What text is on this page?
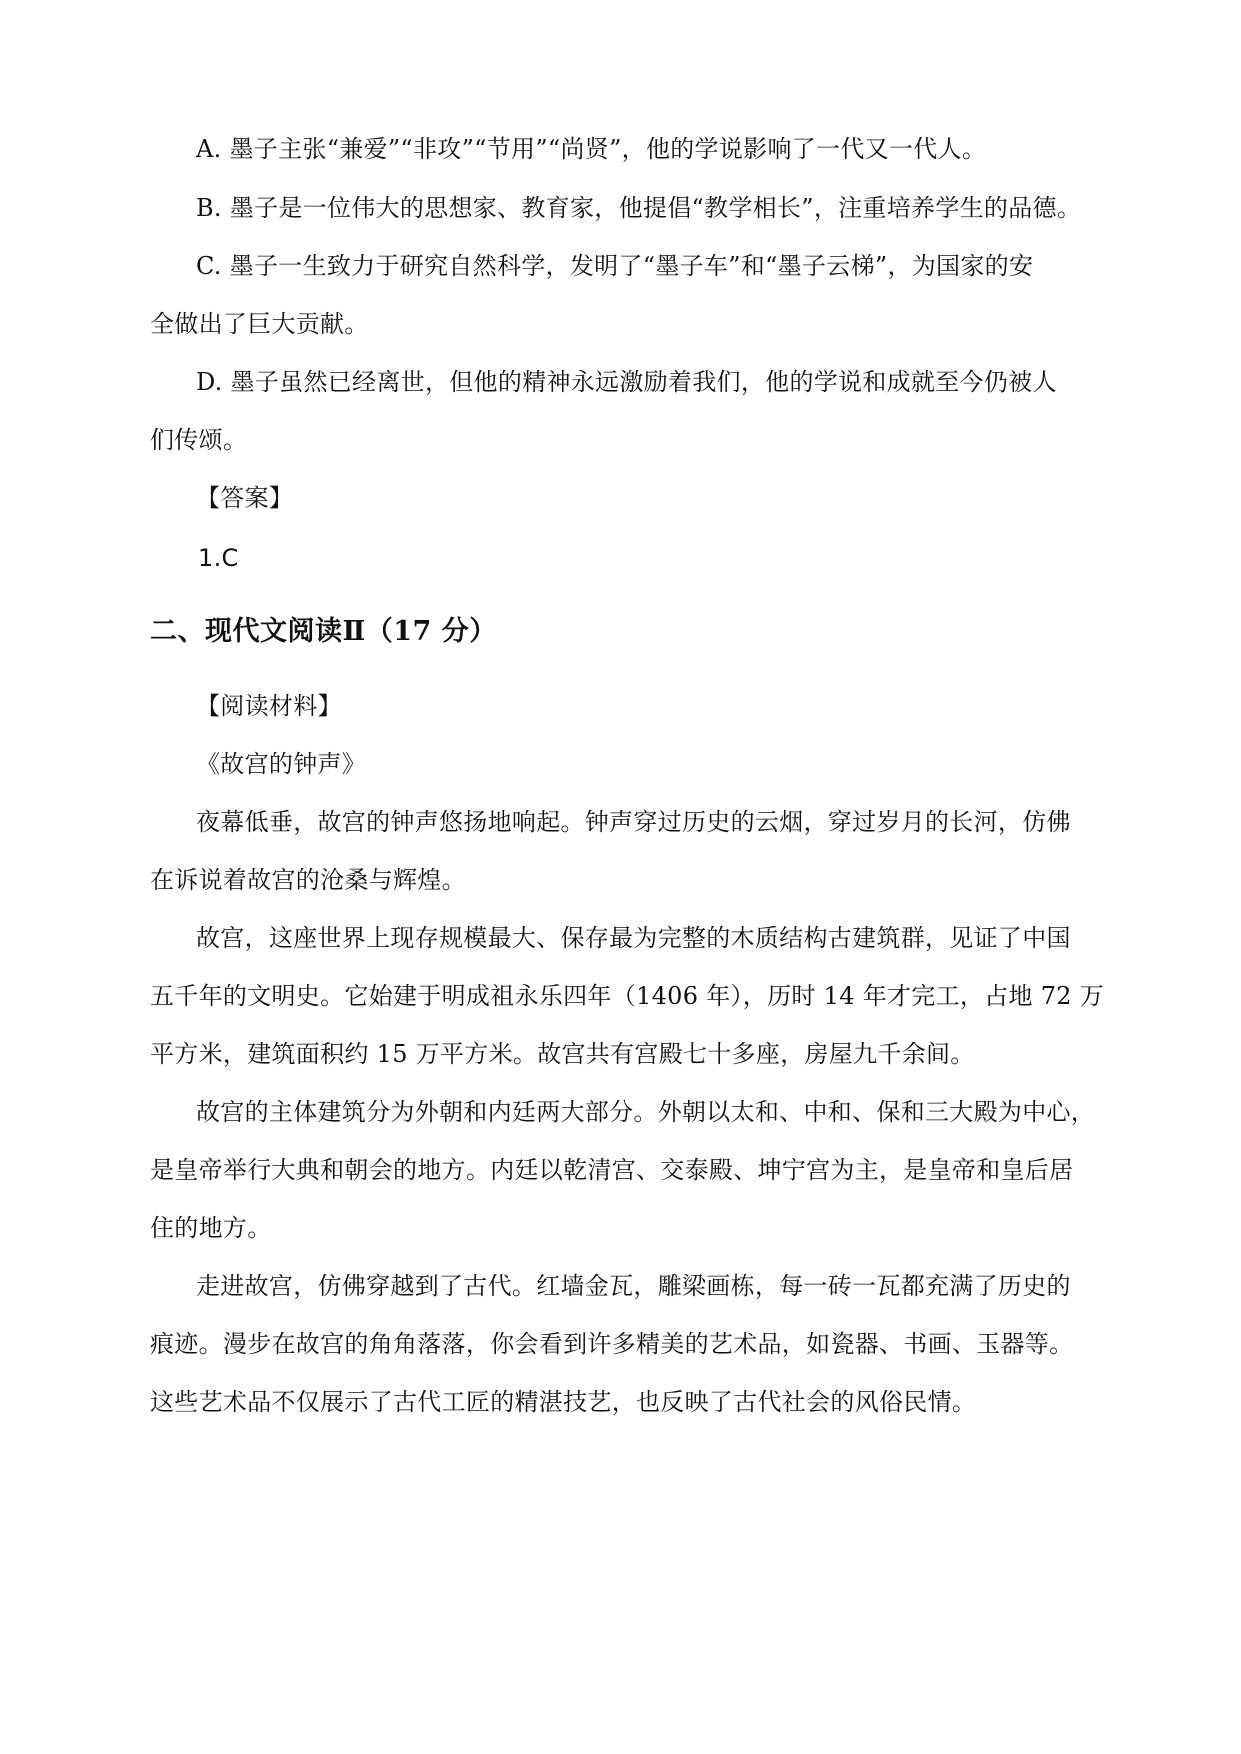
A. 墨子主张“兼爱”“非攻”“节用”“尚贤”，他的学说影响了一代又一代人。
B. 墨子是一位伟大的思想家、教育家，他提倡“教学相长”，注重培养学生的品德。
C. 墨子一生致力于研究自然科学，发明了“墨子车”和“墨子云梯”，为国家的安
全做出了巨大贡献。
D. 墨子虽然已经离世，但他的精神永远激励着我们，他的学说和成就至今仍被人
们传颂。
【答案】
1.C
二、现代文阅读Ⅱ（17 分）
【阅读材料】
《故宫的钟声》
夜幕低垂，故宫的钟声悠扬地响起。钟声穿过历史的云烟，穿过岁月的长河，仿佛
在诉说着故宫的沧桑与辉煌。
故宫，这座世界上现存规模最大、保存最为完整的木质结构古建筑群，见证了中国
五千年的文明史。它始建于明成祖永乐四年（1406 年），历时 14 年才完工，占地 72 万
平方米，建筑面积约 15 万平方米。故宫共有宫殿七十多座，房屋九千余间。
故宫的主体建筑分为外朝和内廷两大部分。外朝以太和、中和、保和三大殿为中心，
是皇帝举行大典和朝会的地方。内廷以乾清宫、交泰殿、坤宁宫为主，是皇帝和皇后居
住的地方。
走进故宫，仿佛穿越到了古代。红墙金瓦，雕梁画栋，每一砖一瓦都充满了历史的
痕迹。漫步在故宫的角角落落，你会看到许多精美的艺术品，如瓷器、书画、玉器等。
这些艺术品不仅展示了古代工匠的精湛技艺，也反映了古代社会的风俗民情。
